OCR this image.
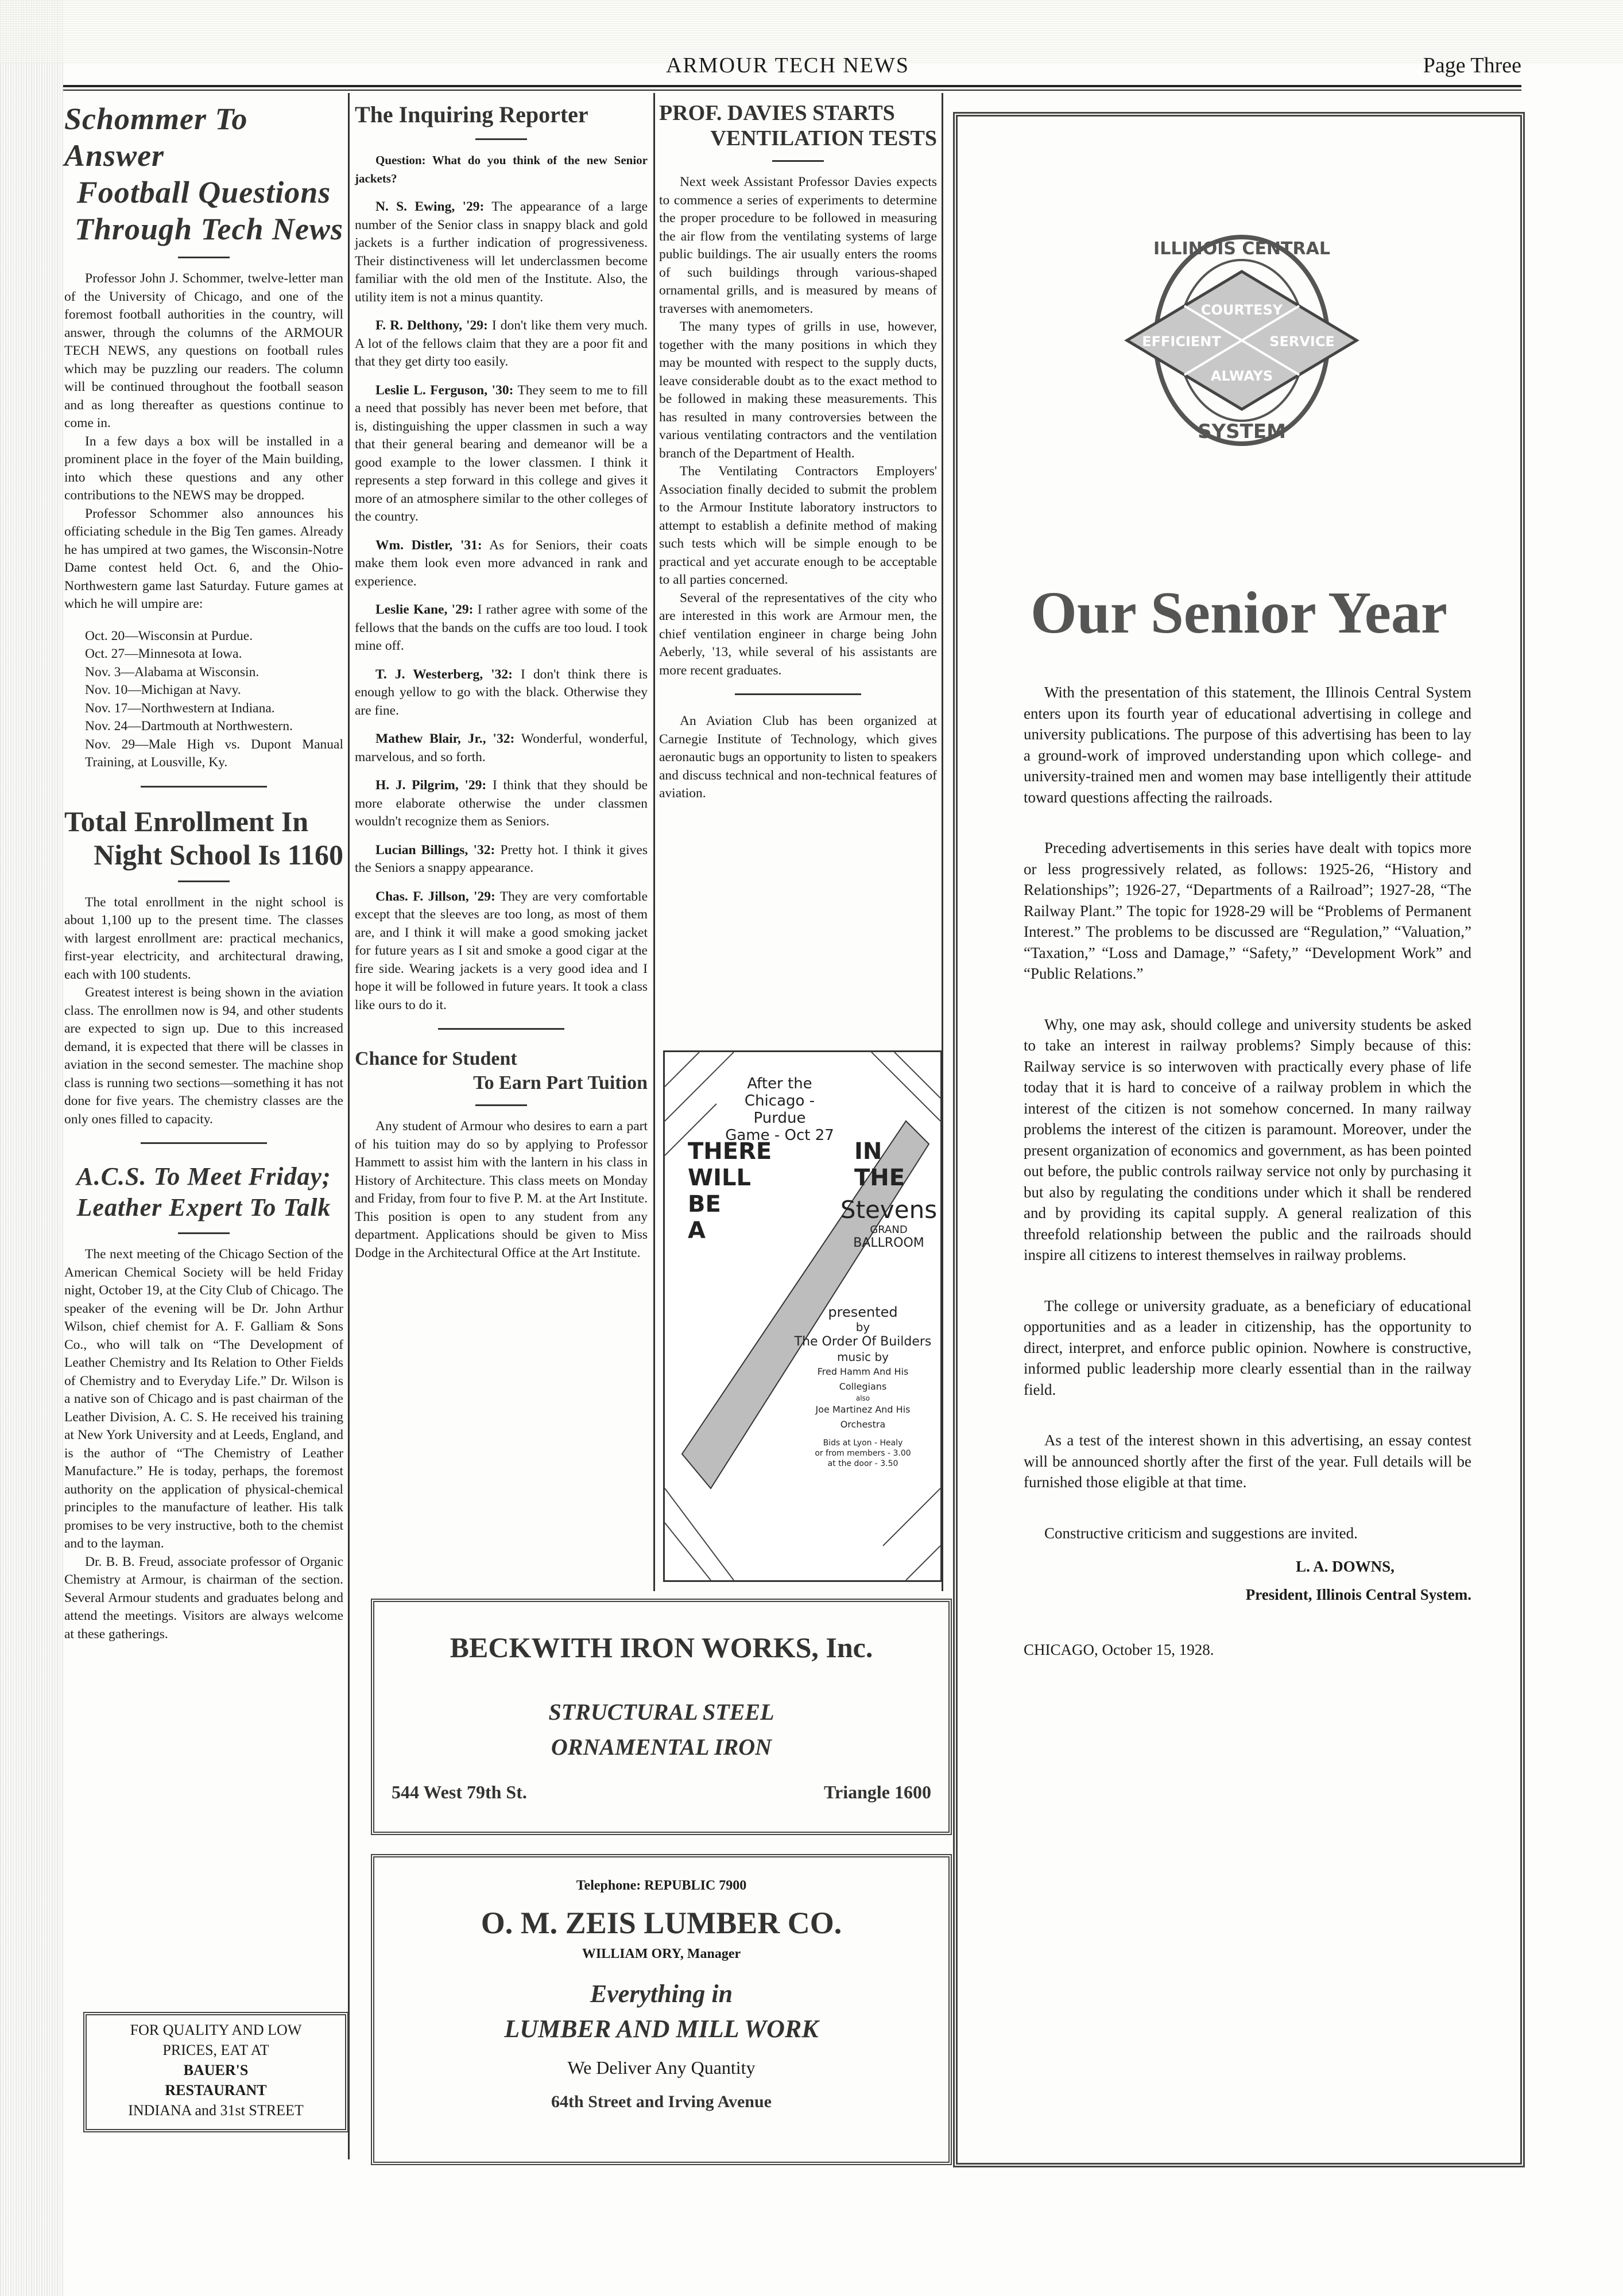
ARMOUR TECH NEWS	Page Three
Schommer To Answer
Football Questions
Through Tech News

Professor John J. Schommer, twelve-letter man of the University of Chicago, and one of the foremost football authorities in the country, will answer, through the columns of the ARMOUR TECH NEWS, any questions on football rules which may be puzzling our readers. The column will be continued throughout the football season and as long thereafter as questions continue to come in.

In a few days a box will be installed in a prominent place in the foyer of the Main building, into which these questions and any other contributions to the NEWS may be dropped.

Professor Schommer also announces his officiating schedule in the Big Ten games. Already he has umpired at two games, the Wisconsin-Notre Dame contest held Oct. 6, and the Ohio-Northwestern game last Saturday. Future games at which he will umpire are:

Oct. 20—Wisconsin at Purdue.
Oct. 27—Minnesota at Iowa.
Nov. 3—Alabama at Wisconsin.
Nov. 10—Michigan at Navy.
Nov. 17—Northwestern at Indiana.
Nov. 24—Dartmouth at Northwestern.
Nov. 29—Male High vs. Dupont Manual Training, at Lousville, Ky.
Total Enrollment In
Night School Is 1160

The total enrollment in the night school is about 1,100 up to the present time. The classes with largest enrollment are: practical mechanics, first-year electricity, and architectural drawing, each with 100 students.

Greatest interest is being shown in the aviation class. The enrollmen now is 94, and other students are expected to sign up. Due to this increased demand, it is expected that there will be classes in aviation in the second semester. The machine shop class is running two sections—something it has not done for five years. The chemistry classes are the only ones filled to capacity.

A.C.S. To Meet Friday;
Leather Expert To Talk

The next meeting of the Chicago Section of the American Chemical Society will be held Friday night, October 19, at the City Club of Chicago. The speaker of the evening will be Dr. John Arthur Wilson, chief chemist for A. F. Galliam & Sons Co., who will talk on “The Development of Leather Chemistry and Its Relation to Other Fields of Chemistry and to Everyday Life.” Dr. Wilson is a native son of Chicago and is past chairman of the Leather Division, A. C. S. He received his training at New York University and at Leeds, England, and is the author of “The Chemistry of Leather Manufacture.” He is today, perhaps, the foremost authority on the application of physical-chemical principles to the manufacture of leather. His talk promises to be very instructive, both to the chemist and to the layman.

Dr. B. B. Freud, associate professor of Organic Chemistry at Armour, is chairman of the section. Several Armour students and graduates belong and attend the meetings. Visitors are always welcome at these gatherings.

FOR QUALITY AND LOW
PRICES, EAT AT
BAUER'S
RESTAURANT
INDIANA and 31st STREET
The Inquiring Reporter

Question: What do you think of the new Senior jackets?

N. S. Ewing, '29: The appearance of a large number of the Senior class in snappy black and gold jackets is a further indication of progressiveness. Their distinctiveness will let underclassmen become familiar with the old men of the Institute. Also, the utility item is not a minus quantity.

F. R. Delthony, '29: I don't like them very much. A lot of the fellows claim that they are a poor fit and that they get dirty too easily.

Leslie L. Ferguson, '30: They seem to me to fill a need that possibly has never been met before, that is, distinguishing the upper classmen in such a way that their general bearing and demeanor will be a good example to the lower classmen. I think it represents a step forward in this college and gives it more of an atmosphere similar to the other colleges of the country.

Wm. Distler, '31: As for Seniors, their coats make them look even more advanced in rank and experience.

Leslie Kane, '29: I rather agree with some of the fellows that the bands on the cuffs are too loud. I took mine off.

T. J. Westerberg, '32: I don't think there is enough yellow to go with the black. Otherwise they are fine.

Mathew Blair, Jr., '32: Wonderful, wonderful, marvelous, and so forth.

H. J. Pilgrim, '29: I think that they should be more elaborate otherwise the under classmen wouldn't recognize them as Seniors.

Lucian Billings, '32: Pretty hot. I think it gives the Seniors a snappy appearance.

Chas. F. Jillson, '29: They are very comfortable except that the sleeves are too long, as most of them are, and I think it will make a good smoking jacket for future years as I sit and smoke a good cigar at the fire side. Wearing jackets is a very good idea and I hope it will be followed in future years. It took a class like ours to do it.

Chance for Student
To Earn Part Tuition

Any student of Armour who desires to earn a part of his tuition may do so by applying to Professor Hammett to assist him with the lantern in his class in History of Architecture. This class meets on Monday and Friday, from four to five P. M. at the Art Institute. This position is open to any student from any department. Applications should be given to Miss Dodge in the Architectural Office at the Art Institute.

PROF. DAVIES STARTS
VENTILATION TESTS

Next week Assistant Professor Davies expects to commence a series of experiments to determine the proper procedure to be followed in measuring the air flow from the ventilating systems of large public buildings. The air usually enters the rooms of such buildings through various-shaped ornamental grills, and is measured by means of traverses with anemometers.

The many types of grills in use, however, together with the many positions in which they may be mounted with respect to the supply ducts, leave considerable doubt as to the exact method to be followed in making these measurements. This has resulted in many controversies between the various ventilating contractors and the ventilation branch of the Department of Health.

The Ventilating Contractors Employers' Association finally decided to submit the problem to the Armour Institute laboratory instructors to attempt to establish a definite method of making such tests which will be simple enough to be practical and yet accurate enough to be acceptable to all parties concerned.

Several of the representatives of the city who are interested in this work are Armour men, the chief ventilation engineer in charge being John Aeberly, '13, while several of his assistants are more recent graduates.

An Aviation Club has been organized at Carnegie Institute of Technology, which gives aeronautic bugs an opportunity to listen to speakers and discuss technical and non-technical features of aviation.

After the
Chicago - Purdue
Game - Oct 27
THERE
WILL
BE
A
IN
THE
Stevens
GRAND
BALLROOM
presented
by
The Order Of Builders
music by
Fred Hamm And His
Collegians
also
Joe Martinez And His
Orchestra
Bids at Lyon - Healy
or from members - 3.00
at the door - 3.50
BECKWITH IRON WORKS, Inc.
STRUCTURAL STEEL
ORNAMENTAL IRON
544 West 79th St.	Triangle 1600
Telephone: REPUBLIC 7900
O. M. ZEIS LUMBER CO.
WILLIAM ORY, Manager
Everything in
LUMBER AND MILL WORK
We Deliver Any Quantity
64th Street and Irving Avenue
ILLINOIS CENTRAL
SYSTEM
COURTESY
EFFICIENT	SERVICE
ALWAYS
Our Senior Year

With the presentation of this statement, the Illinois Central System enters upon its fourth year of educational advertising in college and university publications. The purpose of this advertising has been to lay a ground-work of improved understanding upon which college- and university-trained men and women may base intelligently their attitude toward questions affecting the railroads.

Preceding advertisements in this series have dealt with topics more or less progressively related, as follows: 1925-26, “History and Relationships”; 1926-27, “Departments of a Railroad”; 1927-28, “The Railway Plant.” The topic for 1928-29 will be “Problems of Permanent Interest.” The problems to be discussed are “Regulation,” “Valuation,” “Taxation,” “Loss and Damage,” “Safety,” “Development Work” and “Public Relations.”

Why, one may ask, should college and university students be asked to take an interest in railway problems? Simply because of this: Railway service is so interwoven with practically every phase of life today that it is hard to conceive of a railway problem in which the interest of the citizen is not somehow concerned. In many railway problems the interest of the citizen is paramount. Moreover, under the present organization of economics and government, as has been pointed out before, the public controls railway service not only by purchasing it but also by regulating the conditions under which it shall be rendered and by providing its capital supply. A general realization of this threefold relationship between the public and the railroads should inspire all citizens to interest themselves in railway problems.

The college or university graduate, as a beneficiary of educational opportunities and as a leader in citizenship, has the opportunity to direct, interpret, and enforce public opinion. Nowhere is constructive, informed public leadership more clearly essential than in the railway field.

As a test of the interest shown in this advertising, an essay contest will be announced shortly after the first of the year. Full details will be furnished those eligible at that time.

Constructive criticism and suggestions are invited.

L. A. DOWNS,
President, Illinois Central System.
CHICAGO, October 15, 1928.
